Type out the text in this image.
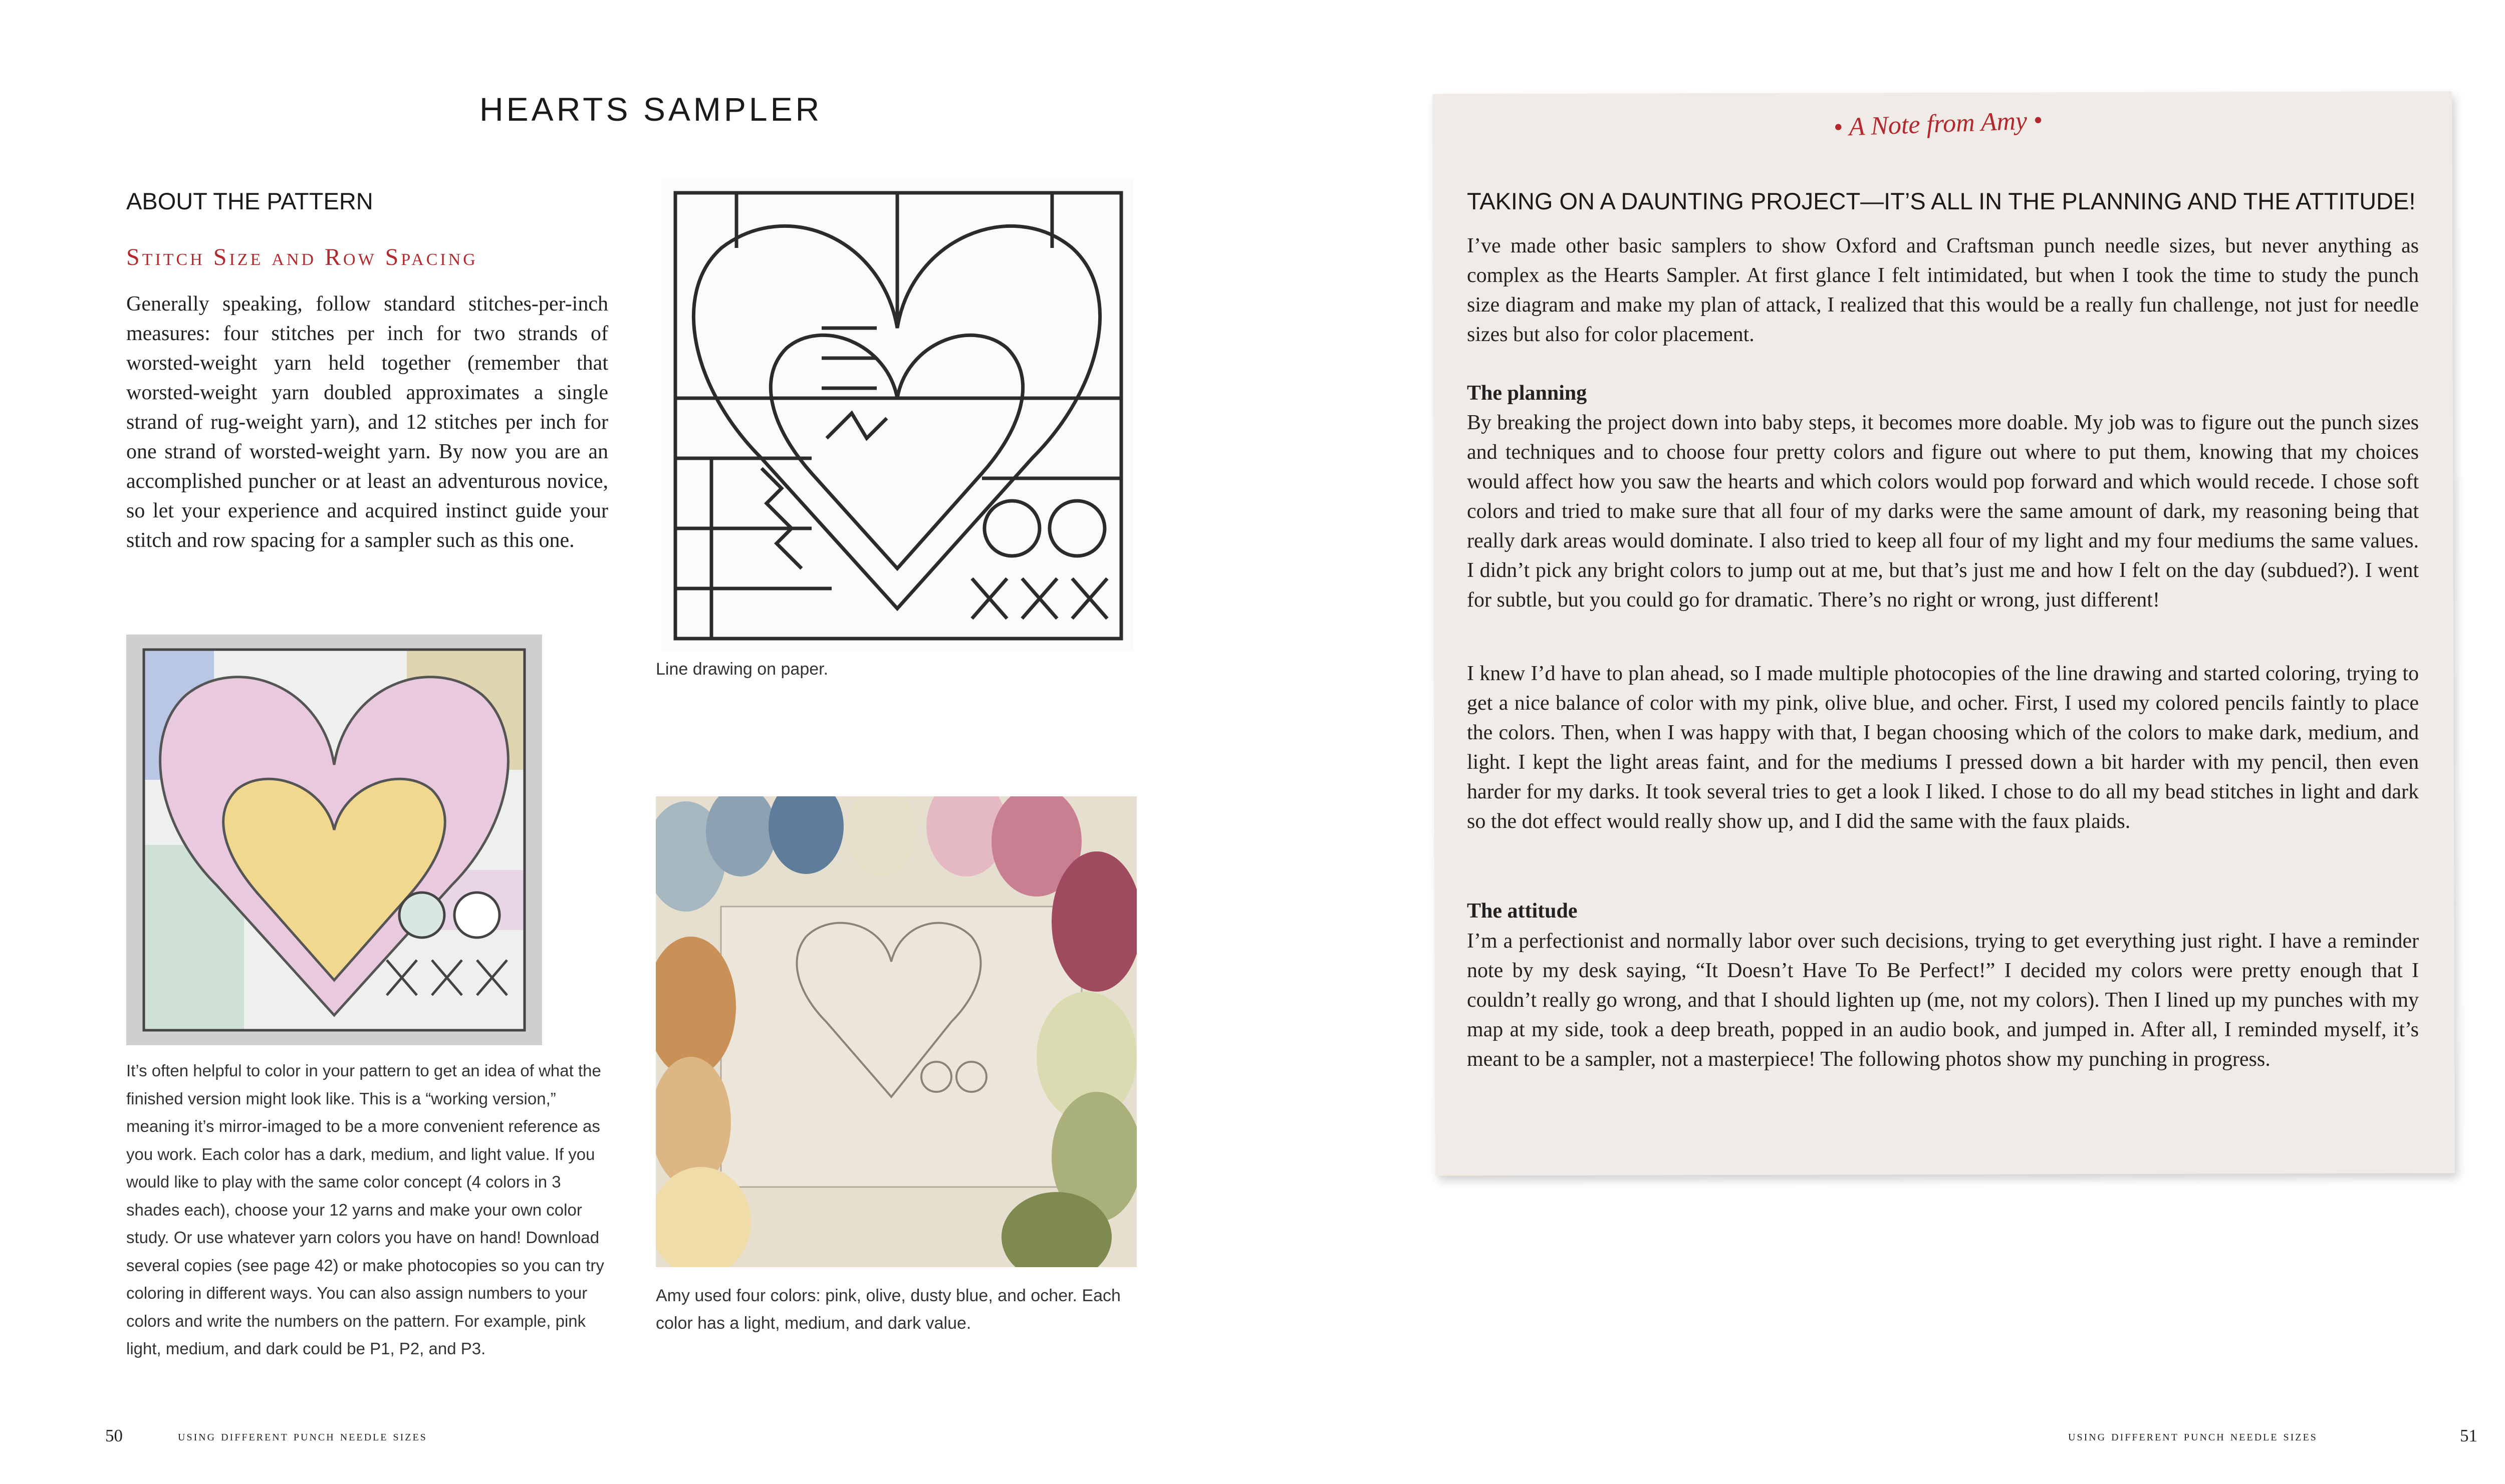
HEARTS SAMPLER
ABOUT THE PATTERN
Stitch Size and Row Spacing
Generally speaking, follow standard stitches-per-inch measures: four stitches per inch for two strands of worsted-weight yarn held together (remember that worsted-weight yarn doubled approximates a single strand of rug-weight yarn), and 12 stitches per inch for one strand of worsted-weight yarn. By now you are an accomplished puncher or at least an adventurous novice, so let your experience and acquired instinct guide your stitch and row spacing for a sampler such as this one.
Line drawing on paper.
It’s often helpful to color in your pattern to get an idea of what the finished version might look like. This is a “working version,” meaning it’s mirror-imaged to be a more convenient reference as you work. Each color has a dark, medium, and light value. If you would like to play with the same color concept (4 colors in 3 shades each), choose your 12 yarns and make your own color study. Or use whatever yarn colors you have on hand! Download several copies (see page 42) or make photocopies so you can try coloring in different ways. You can also assign numbers to your colors and write the numbers on the pattern. For example, pink light, medium, and dark could be P1, P2, and P3.
Amy used four colors: pink, olive, dusty blue, and ocher. Each color has a light, medium, and dark value.
50	using different punch needle sizes
• A Note from Amy •
TAKING ON A DAUNTING PROJECT—IT’S ALL IN THE PLANNING AND THE ATTITUDE!
I’ve made other basic samplers to show Oxford and Craftsman punch needle sizes, but never anything as complex as the Hearts Sampler. At first glance I felt intimidated, but when I took the time to study the punch size diagram and make my plan of attack, I realized that this would be a really fun challenge, not just for needle sizes but also for color placement.
The planning
By breaking the project down into baby steps, it becomes more doable. My job was to figure out the punch sizes and techniques and to choose four pretty colors and figure out where to put them, knowing that my choices would affect how you saw the hearts and which colors would pop forward and which would recede. I chose soft colors and tried to make sure that all four of my darks were the same amount of dark, my reasoning being that really dark areas would dominate. I also tried to keep all four of my light and my four mediums the same values. I didn’t pick any bright colors to jump out at me, but that’s just me and how I felt on the day (subdued?). I went for subtle, but you could go for dramatic. There’s no right or wrong, just different!
I knew I’d have to plan ahead, so I made multiple photocopies of the line drawing and started coloring, trying to get a nice balance of color with my pink, olive blue, and ocher. First, I used my colored pencils faintly to place the colors. Then, when I was happy with that, I began choosing which of the colors to make dark, medium, and light. I kept the light areas faint, and for the mediums I pressed down a bit harder with my pencil, then even harder for my darks. It took several tries to get a look I liked. I chose to do all my bead stitches in light and dark so the dot effect would really show up, and I did the same with the faux plaids.
The attitude
I’m a perfectionist and normally labor over such decisions, trying to get everything just right. I have a reminder note by my desk saying, “It Doesn’t Have To Be Perfect!” I decided my colors were pretty enough that I couldn’t really go wrong, and that I should lighten up (me, not my colors). Then I lined up my punches with my map at my side, took a deep breath, popped in an audio book, and jumped in. After all, I reminded myself, it’s meant to be a sampler, not a masterpiece! The following photos show my punching in progress.
using different punch needle sizes	51
